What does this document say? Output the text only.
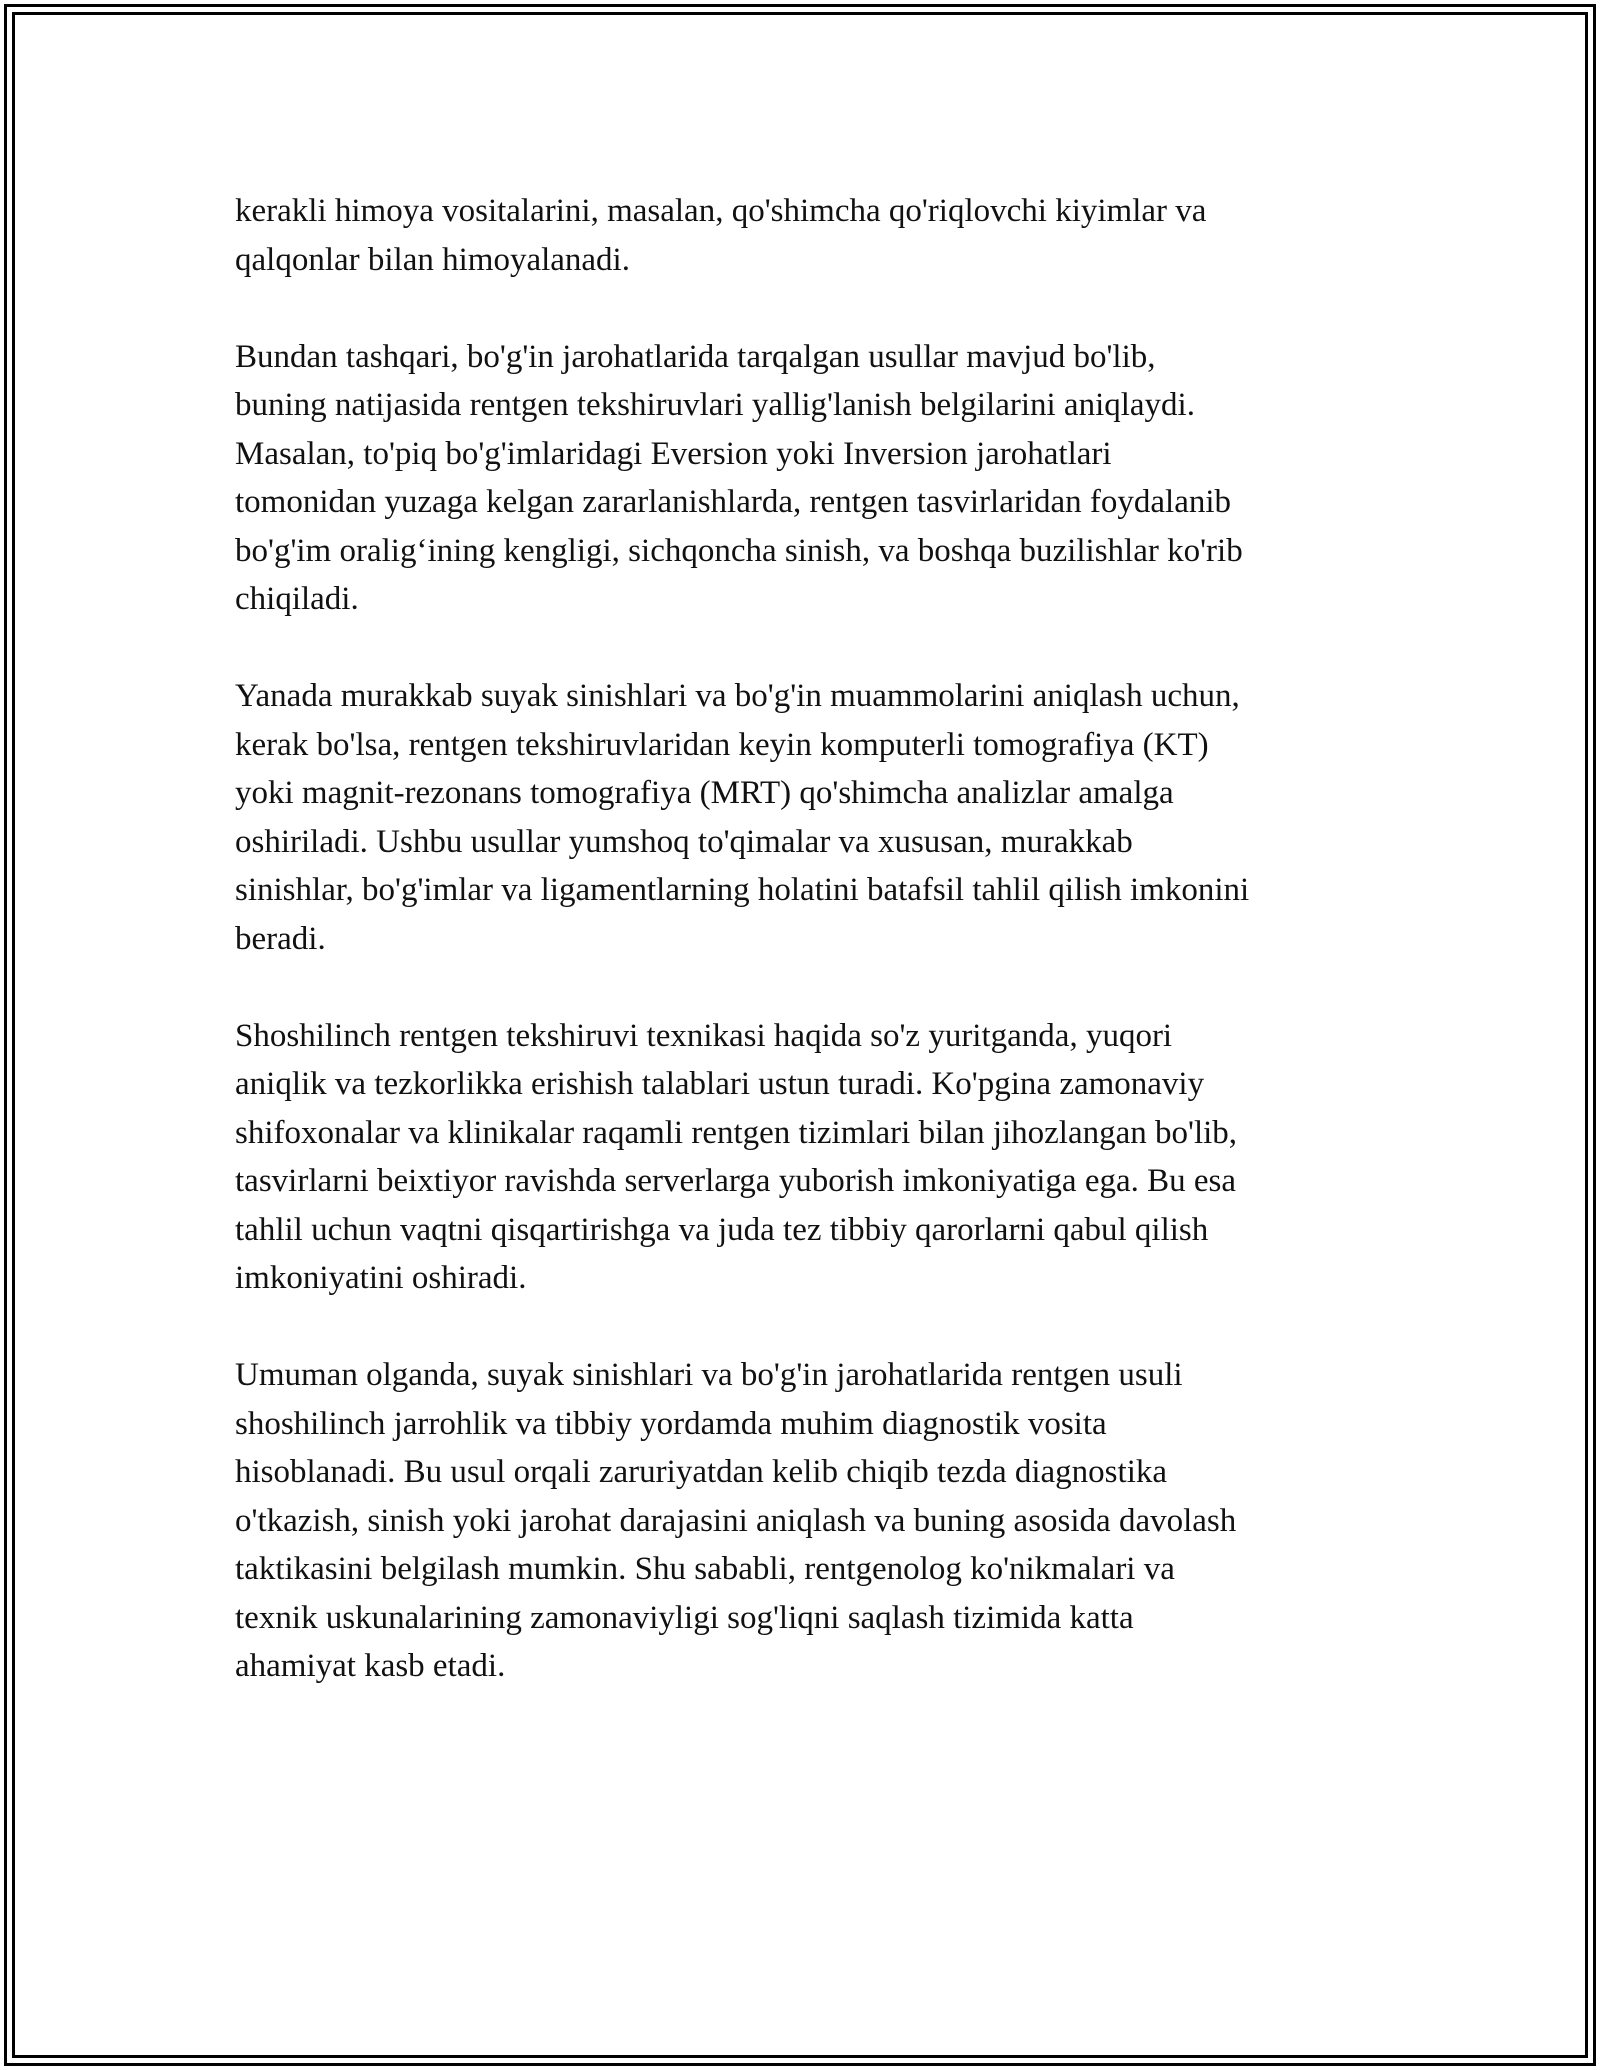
kerakli himoya vositalarini, masalan, qo'shimcha qo'riqlovchi kiyimlar va
qalqonlar bilan himoyalanadi.

Bundan tashqari, bo'g'in jarohatlarida tarqalgan usullar mavjud bo'lib,
buning natijasida rentgen tekshiruvlari yallig'lanish belgilarini aniqlaydi.
Masalan, to'piq bo'g'imlaridagi Eversion yoki Inversion jarohatlari
tomonidan yuzaga kelgan zararlanishlarda, rentgen tasvirlaridan foydalanib
bo'g'im oralig‘ining kengligi, sichqoncha sinish, va boshqa buzilishlar ko'rib
chiqiladi.

Yanada murakkab suyak sinishlari va bo'g'in muammolarini aniqlash uchun,
kerak bo'lsa, rentgen tekshiruvlaridan keyin komputerli tomografiya (KT)
yoki magnit-rezonans tomografiya (MRT) qo'shimcha analizlar amalga
oshiriladi. Ushbu usullar yumshoq to'qimalar va xususan, murakkab
sinishlar, bo'g'imlar va ligamentlarning holatini batafsil tahlil qilish imkonini
beradi.

Shoshilinch rentgen tekshiruvi texnikasi haqida so'z yuritganda, yuqori
aniqlik va tezkorlikka erishish talablari ustun turadi. Ko'pgina zamonaviy
shifoxonalar va klinikalar raqamli rentgen tizimlari bilan jihozlangan bo'lib,
tasvirlarni beixtiyor ravishda serverlarga yuborish imkoniyatiga ega. Bu esa
tahlil uchun vaqtni qisqartirishga va juda tez tibbiy qarorlarni qabul qilish
imkoniyatini oshiradi.

Umuman olganda, suyak sinishlari va bo'g'in jarohatlarida rentgen usuli
shoshilinch jarrohlik va tibbiy yordamda muhim diagnostik vosita
hisoblanadi. Bu usul orqali zaruriyatdan kelib chiqib tezda diagnostika
o'tkazish, sinish yoki jarohat darajasini aniqlash va buning asosida davolash
taktikasini belgilash mumkin. Shu sababli, rentgenolog ko'nikmalari va
texnik uskunalarining zamonaviyligi sog'liqni saqlash tizimida katta
ahamiyat kasb etadi.
